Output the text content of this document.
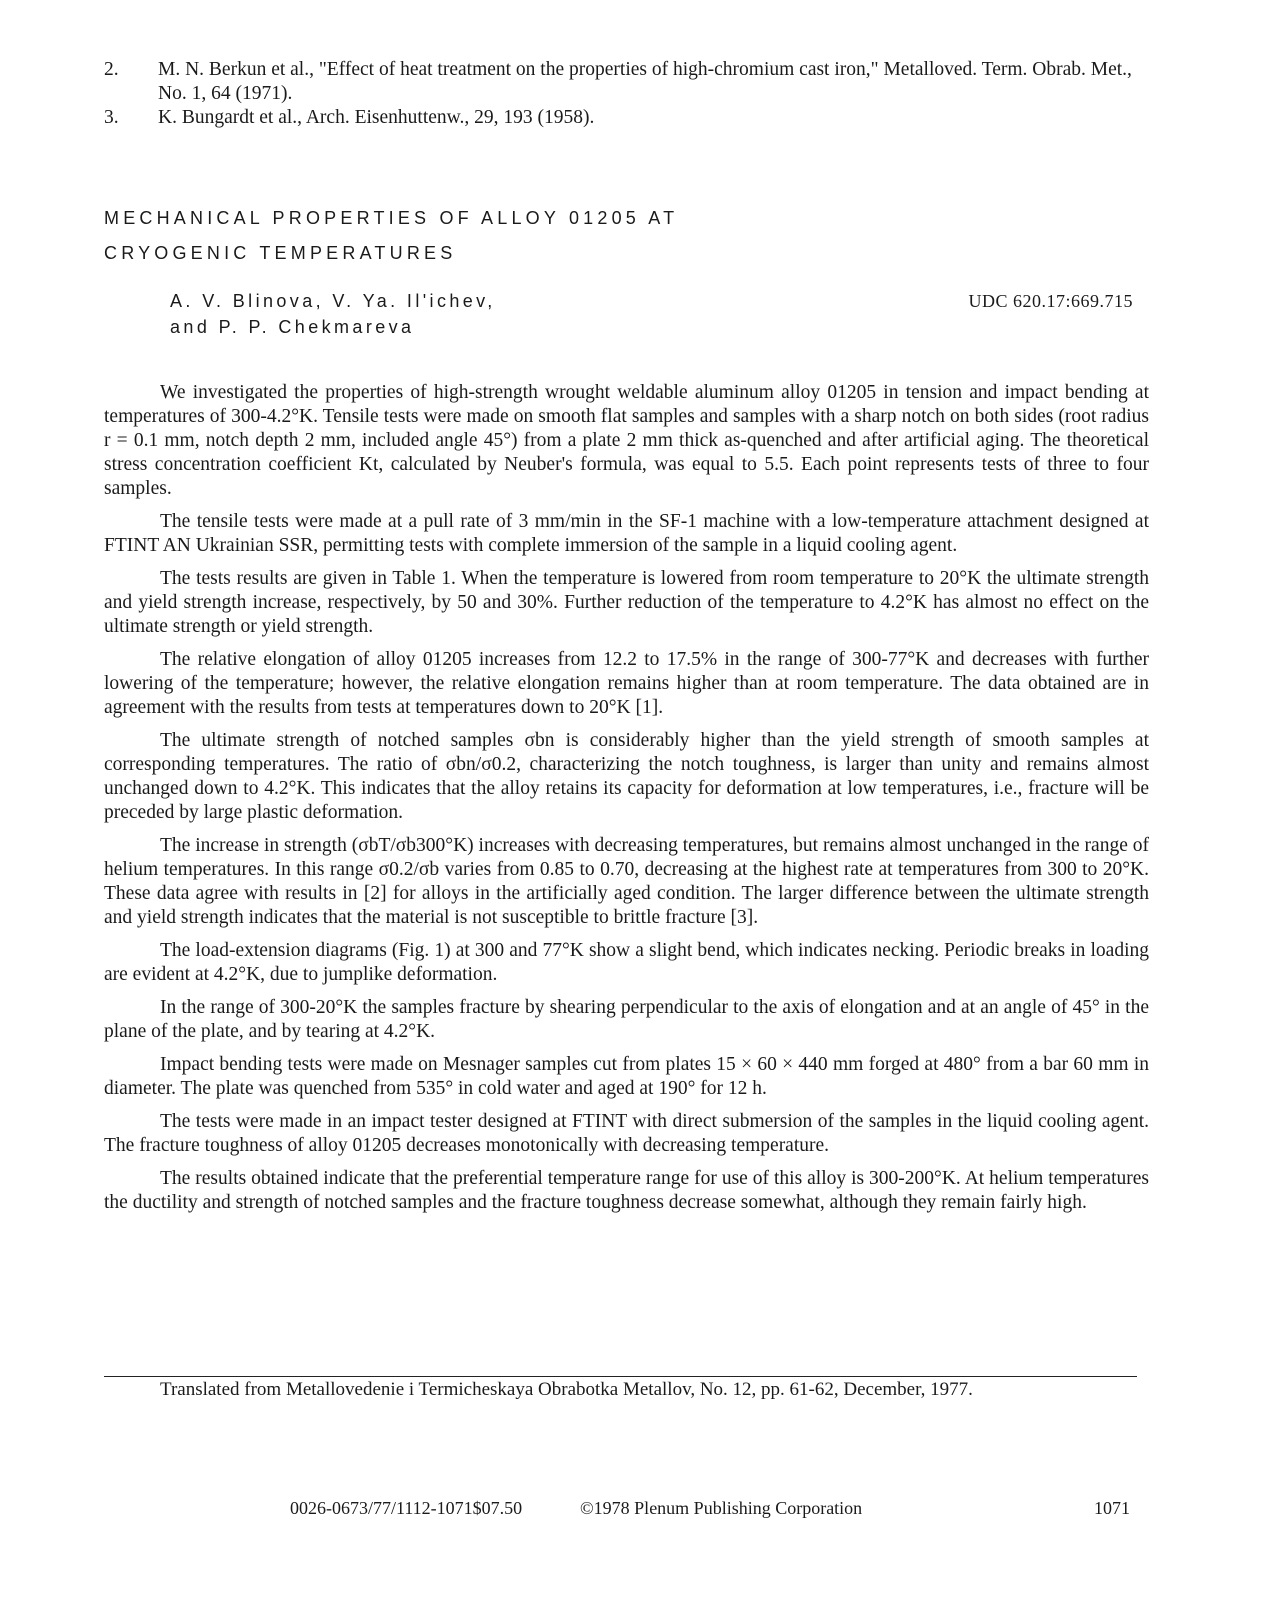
2.	M. N. Berkun et al., "Effect of heat treatment on the properties of high-chromium cast iron," Metalloved. Term. Obrab. Met., No. 1, 64 (1971).
3.	K. Bungardt et al., Arch. Eisenhuttenw., 29, 193 (1958).
MECHANICAL PROPERTIES OF ALLOY 01205 AT
CRYOGENIC TEMPERATURES
A. V. Blinova, V. Ya. Il'ichev,
and P. P. Chekmareva
UDC 620.17:669.715

We investigated the properties of high-strength wrought weldable aluminum alloy 01205 in tension and impact bending at temperatures of 300-4.2°K. Tensile tests were made on smooth flat samples and samples with a sharp notch on both sides (root radius r = 0.1 mm, notch depth 2 mm, included angle 45°) from a plate 2 mm thick as-quenched and after artificial aging. The theoretical stress concentration coefficient Kt, calculated by Neuber's formula, was equal to 5.5. Each point represents tests of three to four samples.

The tensile tests were made at a pull rate of 3 mm/min in the SF-1 machine with a low-temperature attachment designed at FTINT AN Ukrainian SSR, permitting tests with complete immersion of the sample in a liquid cooling agent.

The tests results are given in Table 1. When the temperature is lowered from room temperature to 20°K the ultimate strength and yield strength increase, respectively, by 50 and 30%. Further reduction of the temperature to 4.2°K has almost no effect on the ultimate strength or yield strength.

The relative elongation of alloy 01205 increases from 12.2 to 17.5% in the range of 300-77°K and decreases with further lowering of the temperature; however, the relative elongation remains higher than at room temperature. The data obtained are in agreement with the results from tests at temperatures down to 20°K [1].

The ultimate strength of notched samples σbn is considerably higher than the yield strength of smooth samples at corresponding temperatures. The ratio of σbn/σ0.2, characterizing the notch toughness, is larger than unity and remains almost unchanged down to 4.2°K. This indicates that the alloy retains its capacity for deformation at low temperatures, i.e., fracture will be preceded by large plastic deformation.

The increase in strength (σbT/σb300°K) increases with decreasing temperatures, but remains almost unchanged in the range of helium temperatures. In this range σ0.2/σb varies from 0.85 to 0.70, decreasing at the highest rate at temperatures from 300 to 20°K. These data agree with results in [2] for alloys in the artificially aged condition. The larger difference between the ultimate strength and yield strength indicates that the material is not susceptible to brittle fracture [3].

The load-extension diagrams (Fig. 1) at 300 and 77°K show a slight bend, which indicates necking. Periodic breaks in loading are evident at 4.2°K, due to jumplike deformation.

In the range of 300-20°K the samples fracture by shearing perpendicular to the axis of elongation and at an angle of 45° in the plane of the plate, and by tearing at 4.2°K.

Impact bending tests were made on Mesnager samples cut from plates 15 × 60 × 440 mm forged at 480° from a bar 60 mm in diameter. The plate was quenched from 535° in cold water and aged at 190° for 12 h.

The tests were made in an impact tester designed at FTINT with direct submersion of the samples in the liquid cooling agent. The fracture toughness of alloy 01205 decreases monotonically with decreasing temperature.

The results obtained indicate that the preferential temperature range for use of this alloy is 300-200°K. At helium temperatures the ductility and strength of notched samples and the fracture toughness decrease somewhat, although they remain fairly high.

Translated from Metallovedenie i Termicheskaya Obrabotka Metallov, No. 12, pp. 61-62, December, 1977.
0026-0673/77/1112-1071$07.50	©1978 Plenum Publishing Corporation	1071
